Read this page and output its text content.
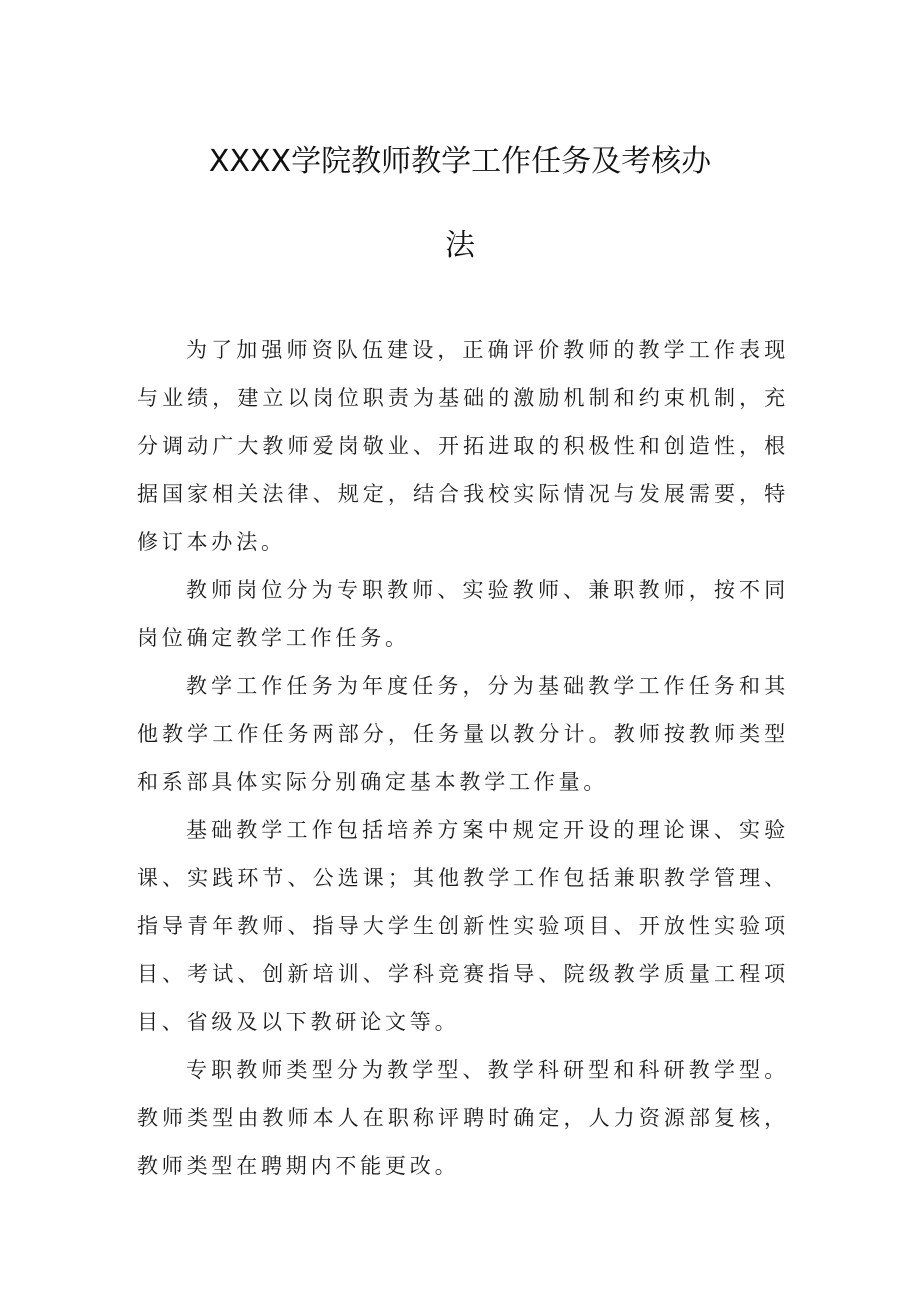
XXXX学院教师教学工作任务及考核办
法

为了加强师资队伍建设，正确评价教师的教学工作表现与业绩，建立以岗位职责为基础的激励机制和约束机制，充分调动广大教师爱岗敬业、开拓进取的积极性和创造性，根据国家相关法律、规定，结合我校实际情况与发展需要，特修订本办法。

教师岗位分为专职教师、实验教师、兼职教师，按不同岗位确定教学工作任务。

教学工作任务为年度任务，分为基础教学工作任务和其他教学工作任务两部分，任务量以教分计。教师按教师类型和系部具体实际分别确定基本教学工作量。

基础教学工作包括培养方案中规定开设的理论课、实验课、实践环节、公选课；其他教学工作包括兼职教学管理、指导青年教师、指导大学生创新性实验项目、开放性实验项目、考试、创新培训、学科竞赛指导、院级教学质量工程项目、省级及以下教研论文等。

专职教师类型分为教学型、教学科研型和科研教学型。教师类型由教师本人在职称评聘时确定，人力资源部复核，教师类型在聘期内不能更改。
